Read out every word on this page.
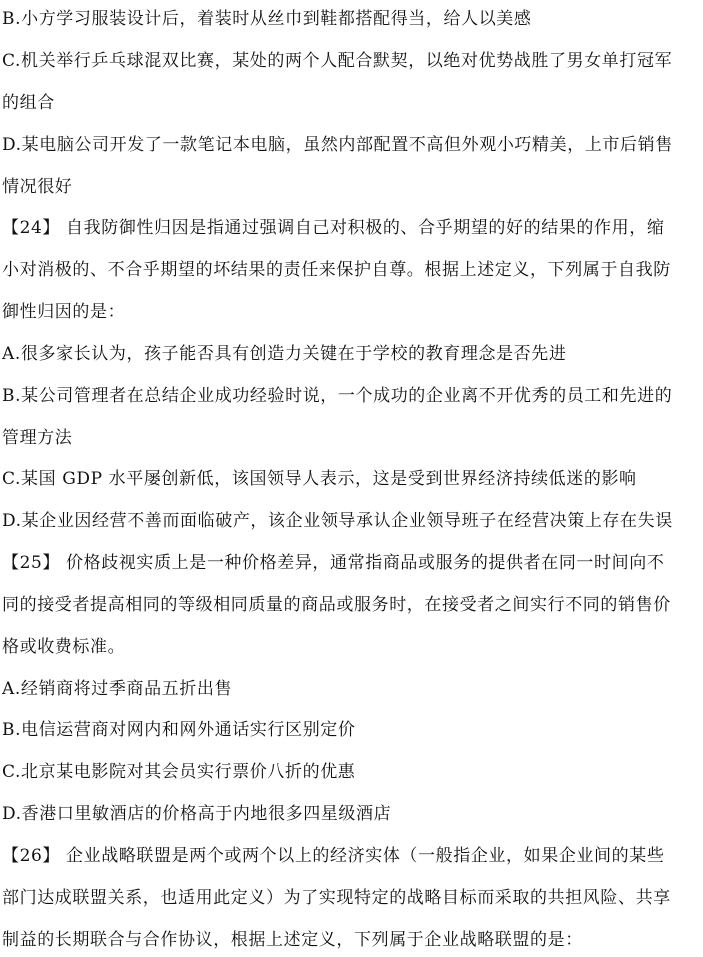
B.小方学习服装设计后，着装时从丝巾到鞋都搭配得当，给人以美感
C.机关举行乒乓球混双比赛，某处的两个人配合默契，以绝对优势战胜了男女单打冠军
的组合
D.某电脑公司开发了一款笔记本电脑，虽然内部配置不高但外观小巧精美，上市后销售
情况很好
【24】 自我防御性归因是指通过强调自己对积极的、合乎期望的好的结果的作用，缩
小对消极的、不合乎期望的坏结果的责任来保护自尊。根据上述定义，下列属于自我防
御性归因的是：
A.很多家长认为，孩子能否具有创造力关键在于学校的教育理念是否先进
B.某公司管理者在总结企业成功经验时说，一个成功的企业离不开优秀的员工和先进的
管理方法
C.某国 GDP 水平屡创新低，该国领导人表示，这是受到世界经济持续低迷的影响
D.某企业因经营不善而面临破产，该企业领导承认企业领导班子在经营决策上存在失误
【25】 价格歧视实质上是一种价格差异，通常指商品或服务的提供者在同一时间向不
同的接受者提高相同的等级相同质量的商品或服务时，在接受者之间实行不同的销售价
格或收费标准。
A.经销商将过季商品五折出售
B.电信运营商对网内和网外通话实行区别定价
C.北京某电影院对其会员实行票价八折的优惠
D.香港口里敏酒店的价格高于内地很多四星级酒店
【26】 企业战略联盟是两个或两个以上的经济实体（一般指企业，如果企业间的某些
部门达成联盟关系，也适用此定义）为了实现特定的战略目标而采取的共担风险、共享
制益的长期联合与合作协议，根据上述定义，下列属于企业战略联盟的是：
